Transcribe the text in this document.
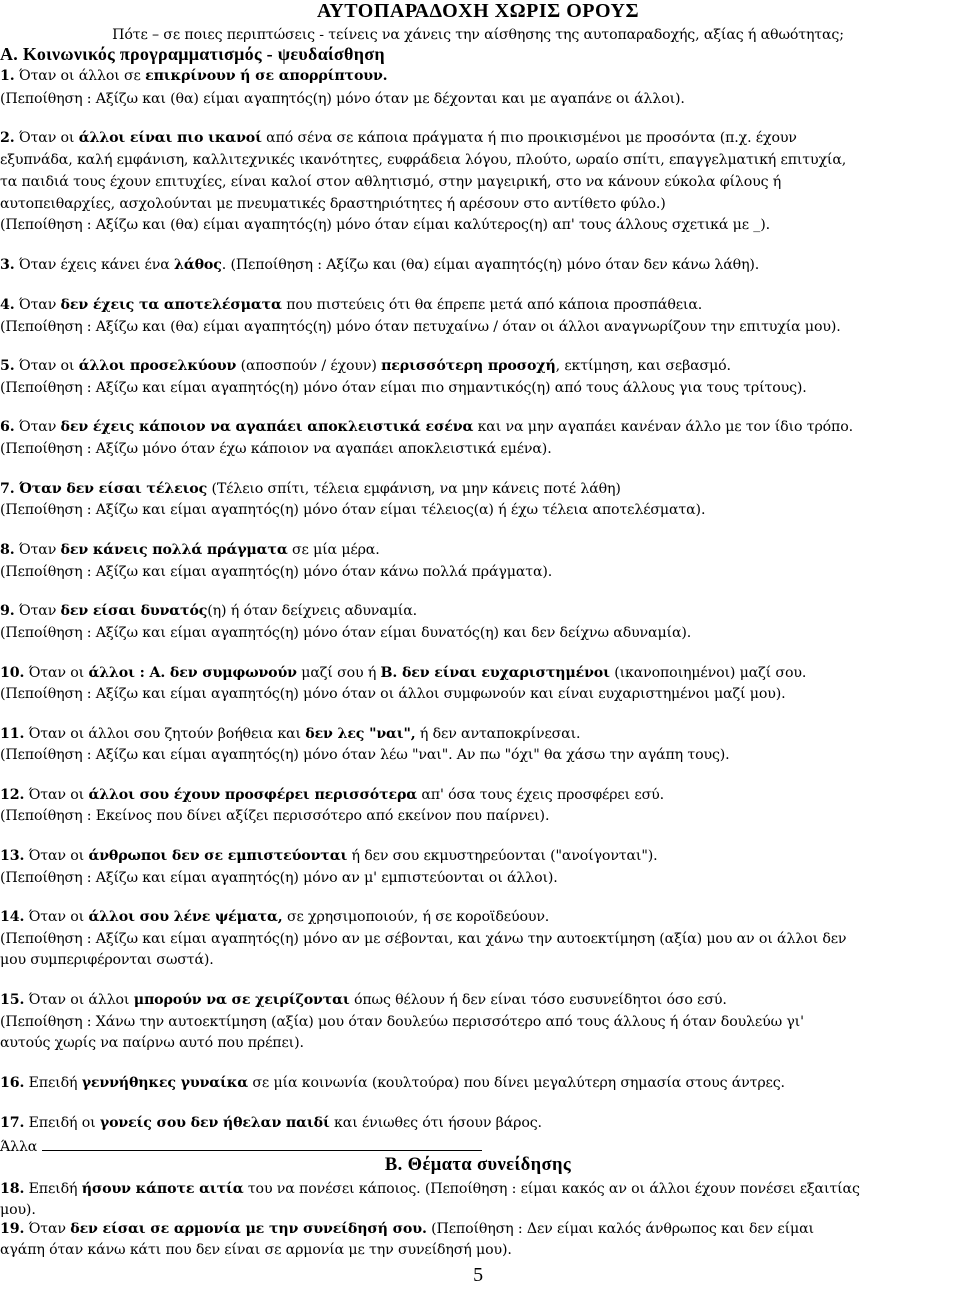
ΑΥΤΟΠΑΡΑΔΟΧΗ ΧΩΡΙΣ ΟΡΟΥΣ
Πότε – σε ποιες περιπτώσεις - τείνεις να χάνεις την αίσθησης της αυτοπαραδοχής, αξίας ή αθωότητας;
Α. Κοινωνικός προγραμματισμός - ψευδαίσθηση
1. Όταν οι άλλοι σε επικρίνουν ή σε απορρίπτουν.
(Πεποίθηση : Αξίζω και (θα) είμαι αγαπητός(η) μόνο όταν με δέχονται και με αγαπάνε οι άλλοι).
2. Όταν οι άλλοι είναι πιο ικανοί από σένα σε κάποια πράγματα ή πιο προικισμένοι με προσόντα (π.χ. έχουν
εξυπνάδα, καλή εμφάνιση, καλλιτεχνικές ικανότητες, ευφράδεια λόγου, πλούτο, ωραίο σπίτι, επαγγελματική επιτυχία,
τα παιδιά τους έχουν επιτυχίες, είναι καλοί στον αθλητισμό, στην μαγειρική, στο να κάνουν εύκολα φίλους ή
αυτοπειθαρχίες, ασχολούνται με πνευματικές δραστηριότητες ή αρέσουν στο αντίθετο φύλο.)
(Πεποίθηση : Αξίζω και (θα) είμαι αγαπητός(η) μόνο όταν είμαι καλύτερος(η) απ' τους άλλους σχετικά με _).
3. Όταν έχεις κάνει ένα λάθος. (Πεποίθηση : Αξίζω και (θα) είμαι αγαπητός(η) μόνο όταν δεν κάνω λάθη).
4. Όταν δεν έχεις τα αποτελέσματα που πιστεύεις ότι θα έπρεπε μετά από κάποια προσπάθεια.
(Πεποίθηση : Αξίζω και (θα) είμαι αγαπητός(η) μόνο όταν πετυχαίνω / όταν οι άλλοι αναγνωρίζουν την επιτυχία μου).
5. Όταν οι άλλοι προσελκύουν (αποσπούν / έχουν) περισσότερη προσοχή, εκτίμηση, και σεβασμό.
(Πεποίθηση : Αξίζω και είμαι αγαπητός(η) μόνο όταν είμαι πιο σημαντικός(η) από τους άλλους για τους τρίτους).
6. Όταν δεν έχεις κάποιον να αγαπάει αποκλειστικά εσένα και να μην αγαπάει κανέναν άλλο με τον ίδιο τρόπο.
(Πεποίθηση : Αξίζω μόνο όταν έχω κάποιον να αγαπάει αποκλειστικά εμένα).
7. Όταν δεν είσαι τέλειος (Τέλειο σπίτι, τέλεια εμφάνιση, να μην κάνεις ποτέ λάθη)
(Πεποίθηση : Αξίζω και είμαι αγαπητός(η) μόνο όταν είμαι τέλειος(α) ή έχω τέλεια αποτελέσματα).
8. Όταν δεν κάνεις πολλά πράγματα σε μία μέρα.
(Πεποίθηση : Αξίζω και είμαι αγαπητός(η) μόνο όταν κάνω πολλά πράγματα).
9. Όταν δεν είσαι δυνατός(η) ή όταν δείχνεις αδυναμία.
(Πεποίθηση : Αξίζω και είμαι αγαπητός(η) μόνο όταν είμαι δυνατός(η) και δεν δείχνω αδυναμία).
10. Όταν οι άλλοι : Α. δεν συμφωνούν μαζί σου ή Β. δεν είναι ευχαριστημένοι (ικανοποιημένοι) μαζί σου.
(Πεποίθηση : Αξίζω και είμαι αγαπητός(η) μόνο όταν οι άλλοι συμφωνούν και είναι ευχαριστημένοι μαζί μου).
11. Όταν οι άλλοι σου ζητούν βοήθεια και δεν λες "ναι", ή δεν ανταποκρίνεσαι.
(Πεποίθηση : Αξίζω και είμαι αγαπητός(η) μόνο όταν λέω "ναι". Αν πω "όχι" θα χάσω την αγάπη τους).
12. Όταν οι άλλοι σου έχουν προσφέρει περισσότερα απ' όσα τους έχεις προσφέρει εσύ.
(Πεποίθηση : Εκείνος που δίνει αξίζει περισσότερο από εκείνον που παίρνει).
13. Όταν οι άνθρωποι δεν σε εμπιστεύονται ή δεν σου εκμυστηρεύονται ("ανοίγονται").
(Πεποίθηση : Αξίζω και είμαι αγαπητός(η) μόνο αν μ' εμπιστεύονται οι άλλοι).
14. Όταν οι άλλοι σου λένε ψέματα, σε χρησιμοποιούν, ή σε κοροϊδεύουν.
(Πεποίθηση : Αξίζω και είμαι αγαπητός(η) μόνο αν με σέβονται, και χάνω την αυτοεκτίμηση (αξία) μου αν οι άλλοι δεν
μου συμπεριφέρονται σωστά).
15. Όταν οι άλλοι μπορούν να σε χειρίζονται όπως θέλουν ή δεν είναι τόσο ευσυνείδητοι όσο εσύ.
(Πεποίθηση : Χάνω την αυτοεκτίμηση (αξία) μου όταν δουλεύω περισσότερο από τους άλλους ή όταν δουλεύω γι'
αυτούς χωρίς να παίρνω αυτό που πρέπει).
16. Επειδή γεννήθηκες γυναίκα σε μία κοινωνία (κουλτούρα) που δίνει μεγαλύτερη σημασία στους άντρες.
17. Επειδή οι γονείς σου δεν ήθελαν παιδί και ένιωθες ότι ήσουν βάρος.
Άλλα
Β. Θέματα συνείδησης
18. Επειδή ήσουν κάποτε αιτία του να πονέσει κάποιος. (Πεποίθηση : είμαι κακός αν οι άλλοι έχουν πονέσει εξαιτίας
μου).
19. Όταν δεν είσαι σε αρμονία με την συνείδησή σου. (Πεποίθηση : Δεν είμαι καλός άνθρωπος και δεν είμαι
αγάπη όταν κάνω κάτι που δεν είναι σε αρμονία με την συνείδησή μου).
5
